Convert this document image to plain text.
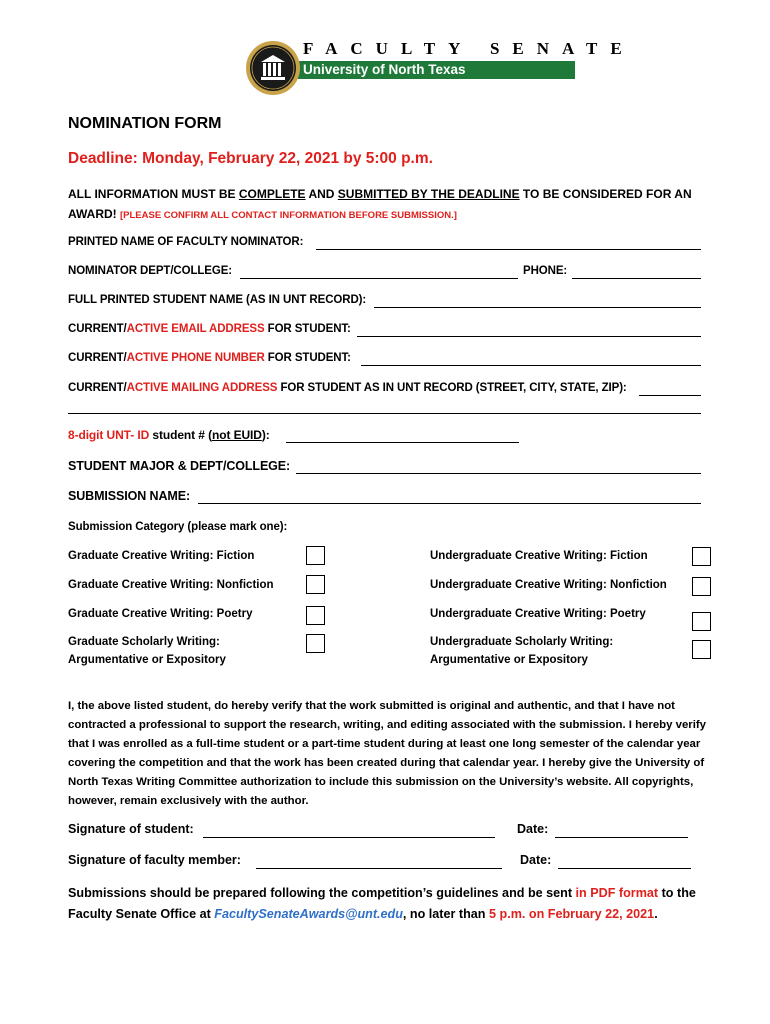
FACULTY SENATE
University of North Texas
NOMINATION FORM
Deadline: Monday, February 22, 2021 by 5:00 p.m.
ALL INFORMATION MUST BE COMPLETE AND SUBMITTED BY THE DEADLINE TO BE CONSIDERED FOR AN AWARD! [PLEASE CONFIRM ALL CONTACT INFORMATION BEFORE SUBMISSION.]
PRINTED NAME OF FACULTY NOMINATOR:
NOMINATOR DEPT/COLLEGE:	PHONE:
FULL PRINTED STUDENT NAME (AS IN UNT RECORD):
CURRENT/ACTIVE EMAIL ADDRESS FOR STUDENT:
CURRENT/ACTIVE PHONE NUMBER FOR STUDENT:
CURRENT/ACTIVE MAILING ADDRESS FOR STUDENT AS IN UNT RECORD (STREET, CITY, STATE, ZIP):
8-digit UNT- ID student # (not EUID):
STUDENT MAJOR & DEPT/COLLEGE:
SUBMISSION NAME:
Submission Category (please mark one):
Graduate Creative Writing: Fiction
Graduate Creative Writing: Nonfiction
Graduate Creative Writing: Poetry
Graduate Scholarly Writing:
Argumentative or Expository
Undergraduate Creative Writing: Fiction
Undergraduate Creative Writing: Nonfiction
Undergraduate Creative Writing: Poetry
Undergraduate Scholarly Writing:
Argumentative or Expository
I, the above listed student, do hereby verify that the work submitted is original and authentic, and that I have not contracted a professional to support the research, writing, and editing associated with the submission. I hereby verify that I was enrolled as a full-time student or a part-time student during at least one long semester of the calendar year covering the competition and that the work has been created during that calendar year. I hereby give the University of North Texas Writing Committee authorization to include this submission on the University’s website. All copyrights, however, remain exclusively with the author.
Signature of student:	Date:
Signature of faculty member:	Date:
Submissions should be prepared following the competition’s guidelines and be sent in PDF format to the Faculty Senate Office at FacultySenateAwards@unt.edu, no later than 5 p.m. on February 22, 2021.
